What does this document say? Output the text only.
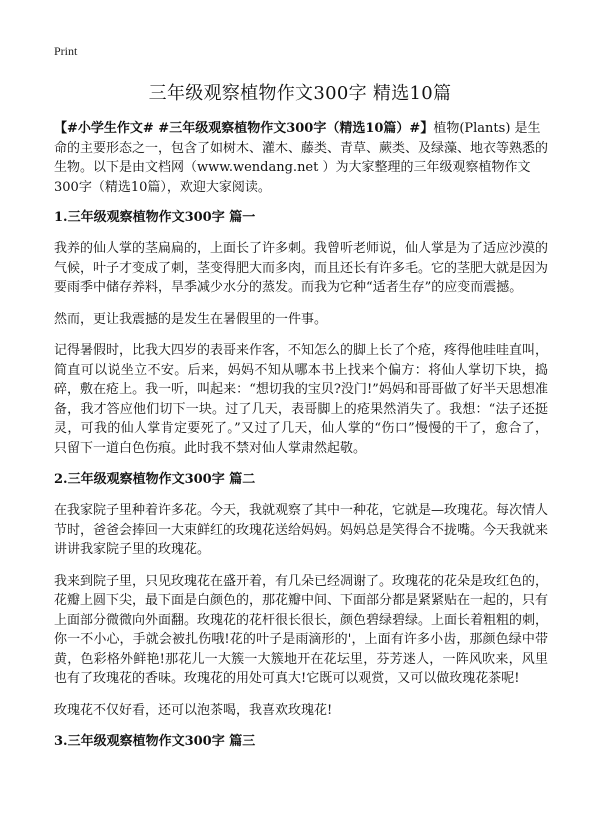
Print
三年级观察植物作文300字 精选10篇

【#小学生作文# #三年级观察植物作文300字（精选10篇）#】植物(Plants) 是生命的主要形态之一，包含了如树木、灌木、藤类、青草、蕨类、及绿藻、地衣等熟悉的生物。以下是由文档网（www.wendang.net ）为大家整理的三年级观察植物作文300字（精选10篇），欢迎大家阅读。

1.三年级观察植物作文300字 篇一

我养的仙人掌的茎扁扁的，上面长了许多刺。我曾听老师说，仙人掌是为了适应沙漠的气候，叶子才变成了刺，茎变得肥大而多肉，而且还长有许多毛。它的茎肥大就是因为要雨季中储存养料，旱季减少水分的蒸发。而我为它种“适者生存”的应变而震撼。

然而，更让我震撼的是发生在暑假里的一件事。

记得暑假时，比我大四岁的表哥来作客，不知怎么的脚上长了个疮，疼得他哇哇直叫，简直可以说坐立不安。后来，妈妈不知从哪本书上找来个偏方：将仙人掌切下块，捣碎，敷在疮上。我一听，叫起来：“想切我的宝贝?没门!”妈妈和哥哥做了好半天思想准备，我才答应他们切下一块。过了几天，表哥脚上的疮果然消失了。我想：“法子还挺灵，可我的仙人掌肯定要死了。”又过了几天，仙人掌的“伤口”慢慢的干了，愈合了，只留下一道白色伤痕。此时我不禁对仙人掌肃然起敬。

2.三年级观察植物作文300字 篇二

在我家院子里种着许多花。今天，我就观察了其中一种花，它就是—玫瑰花。每次情人节时，爸爸会捧回一大束鲜红的玫瑰花送给妈妈。妈妈总是笑得合不拢嘴。今天我就来讲讲我家院子里的玫瑰花。

我来到院子里，只见玫瑰花在盛开着，有几朵已经凋谢了。玫瑰花的花朵是玫红色的，花瓣上圆下尖，最下面是白颜色的，那花瓣中间、下面部分都是紧紧贴在一起的，只有上面部分微微向外面翻。玫瑰花的花杆很长很长，颜色碧绿碧绿。上面长着粗粗的刺，你一不小心，手就会被扎伤哦!花的叶子是雨滴形的'，上面有许多小齿，那颜色绿中带黄，色彩格外鲜艳!那花儿一大簇一大簇地开在花坛里，芬芳迷人，一阵风吹来，风里也有了玫瑰花的香味。玫瑰花的用处可真大!它既可以观赏，又可以做玫瑰花茶呢!

玫瑰花不仅好看，还可以泡茶喝，我喜欢玫瑰花!

3.三年级观察植物作文300字 篇三
